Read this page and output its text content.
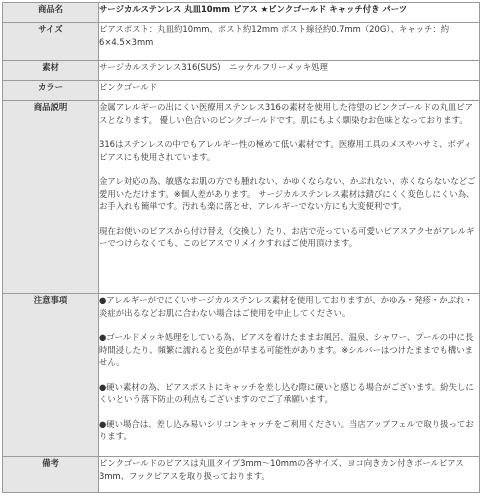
商品名	サージカルステンレス 丸皿10mm ピアス ★ピンクゴールド キャッチ付き パーツ
サイズ	ピアスポスト：丸皿約10mm、ポスト約12mm ポスト線径約0.7mm（20G）、キャッチ：約6×4.5×3mm
素材	サージカルステンレス316(SUS)　ニッケルフリーメッキ処理
カラー	ピンクゴールド
商品説明	金属アレルギーの出にくい医療用ステンレス316の素材を使用した待望のピンクゴールドの丸皿ピアスとなります。 優しい色合いのピンクゴールドです。肌にもよく馴染むお色味となっております。

316はステンレスの中でもアレルギー性の極めて低い素材です。医療用工具のメスやハサミ、ボディピアスにも使用されています。

金アレ対応の為、敏感なお肌の方でも腫れない、かゆくならない、かぶれない、赤くならないなどご愛用いただけます。※個人差があります。 サージカルステンレス素材は錆びにくく変色しにくい為、お手入れも簡単です。汚れも楽に落とせ、アレルギーでない方にも大変便利です。

現在お使いのピアスから付け替え（交換し）たり、お店で売っている可愛いピアスアクセがアレルギーでつけらなくても、このピアスでリメイクすればご使用頂けます。

注意事項	●アレルギーがでにくいサージカルステンレス素材を使用しておりますが、かゆみ・発疹・かぶれ・炎症が出るなどお肌に合わない場合はご使用を中止してください。

●ゴールドメッキ処理をしている為、ピアスを着けたままお風呂、温泉、シャワー、プールの中に長時間浸したり、頻繁に濡れると変色が早まる可能性があります。※シルバーはつけたままでも構いません。

●硬い素材の為、ピアスポストにキャッチを差し込む際に硬いと感じる場合がございます。紛失しにくいという落下防止の利点もございますのでご了承願います。

●硬い場合は、差し込み易いシリコンキャッチをご利用ください。当店アップフェルで取り扱っております。

備考	ピンクゴールドのピアスは丸皿タイプ3mm～10mmの各サイズ、ヨコ向きカン付きボールピアス3mm、フックピアスを取り扱っております。
